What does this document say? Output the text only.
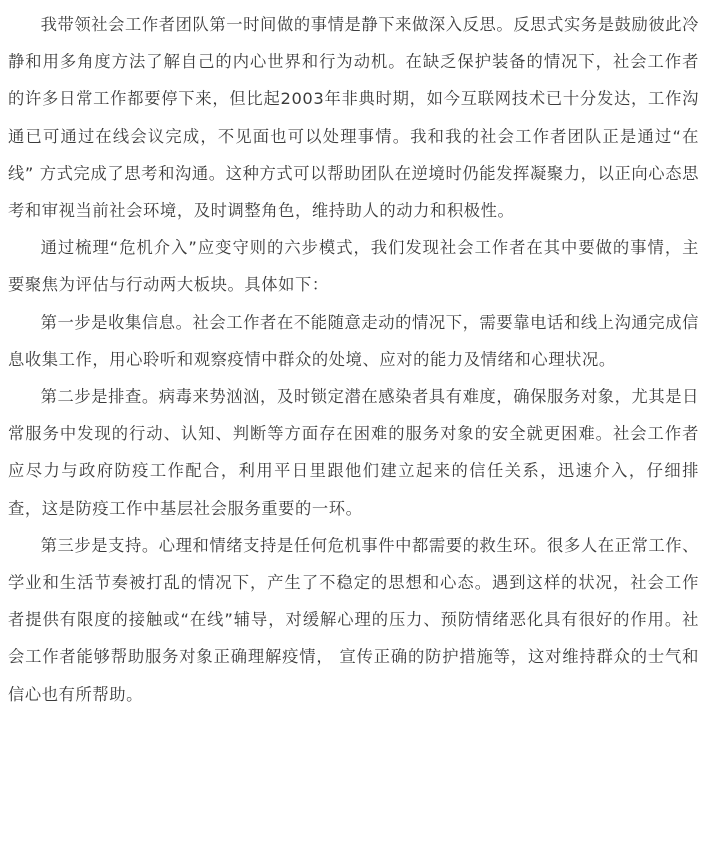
我带领社会工作者团队第一时间做的事情是静下来做深入反思。反思式实务是鼓励彼此冷静和用多角度方法了解自己的内心世界和行为动机。在缺乏保护装备的情况下，社会工作者的许多日常工作都要停下来，但比起2003年非典时期，如今互联网技术已十分发达，工作沟通已可通过在线会议完成，不见面也可以处理事情。我和我的社会工作者团队正是通过“在线” 方式完成了思考和沟通。这种方式可以帮助团队在逆境时仍能发挥凝聚力，以正向心态思考和审视当前社会环境，及时调整角色，维持助人的动力和积极性。

通过梳理“危机介入”应变守则的六步模式，我们发现社会工作者在其中要做的事情，主要聚焦为评估与行动两大板块。具体如下：

第一步是收集信息。社会工作者在不能随意走动的情况下，需要靠电话和线上沟通完成信息收集工作，用心聆听和观察疫情中群众的处境、应对的能力及情绪和心理状况。

第二步是排查。病毒来势汹汹，及时锁定潜在感染者具有难度，确保服务对象，尤其是日常服务中发现的行动、认知、判断等方面存在困难的服务对象的安全就更困难。社会工作者应尽力与政府防疫工作配合，利用平日里跟他们建立起来的信任关系，迅速介入，仔细排查，这是防疫工作中基层社会服务重要的一环。

第三步是支持。心理和情绪支持是任何危机事件中都需要的救生环。很多人在正常工作、学业和生活节奏被打乱的情况下，产生了不稳定的思想和心态。遇到这样的状况，社会工作者提供有限度的接触或“在线”辅导，对缓解心理的压力、预防情绪恶化具有很好的作用。社会工作者能够帮助服务对象正确理解疫情， 宣传正确的防护措施等，这对维持群众的士气和信心也有所帮助。
